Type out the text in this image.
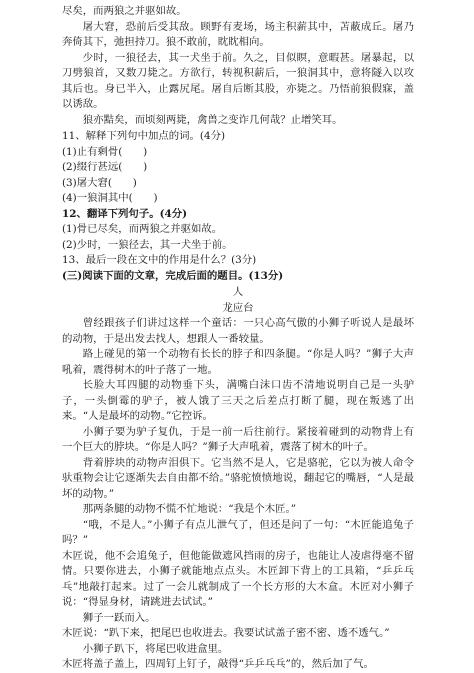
尽矣，而两狼之并驱如故。

屠大窘，恐前后受其敌。顾野有麦场，场主积薪其中，苫蔽成丘。屠乃奔倚其下，弛担持刀。狼不敢前，眈眈相向。

少时，一狼径去，其一犬坐于前。久之，目似瞑，意暇甚。屠暴起，以刀劈狼首，又数刀毙之。方欲行，转视积薪后，一狼洞其中，意将隧入以攻其后也。身已半入，止露尻尾。屠自后断其股，亦毙之。乃悟前狼假寐，盖以诱敌。

狼亦黠矣，而顷刻两毙，禽兽之变诈几何哉？止增笑耳。

11、解释下列句中加点的词。(4分)

(1)止有剩骨(　　)

(2)缀行甚远(　　)

(3)屠大窘(　　)

(4)一狼洞其中(　　)

12、翻译下列句子。(4分)

(1)骨已尽矣，而两狼之并驱如故。

(2)少时，一狼径去，其一犬坐于前。

13、最后一段在文中的作用是什么？(3分)

(三)阅读下面的文章，完成后面的题目。(13分)

人

龙应台

曾经跟孩子们讲过这样一个童话：一只心高气傲的小狮子听说人是最坏的动物，于是出发去找人，想跟人一番较量。

路上碰见的第一个动物有长长的脖子和四条腿。“你是人吗？”狮子大声吼着，震得树木的叶子落了一地。

长脸大耳四腿的动物垂下头，满嘴白沫口齿不清地说明自己是一头驴子，一头倒霉的驴子，被人饿了三天之后差点打断了腿，现在叛逃了出来。“人是最坏的动物。”它控诉。

小狮子要为驴子复仇，于是一前一后往前行。紧接着碰到的动物背上有一个巨大的脖块。“你是人吗？”狮子大声吼着，震落了树木的叶子。

背着脖块的动物声泪俱下。它当然不是人，它是骆驼，它以为被人命令驮重物会让它逐渐失去自由都不给。”骆驼愤愤地说，翻起它的嘴唇，“人是最坏的动物。”

那两条腿的动物不慌不忙地说：“我是个木匠。”

“哦，不是人。”小狮子有点儿泄气了，但还是问了一句：“木匠能追兔子吗？”

木匠说，他不会追兔子，但他能做遮风挡雨的房子，也能让人凌虐得毫不留情。只要你进去，小狮子就能地点点头。木匠卸下背上的工具箱，“乒乒乓乓”地敲打起来。过了一会儿就制成了一个长方形的大木盒。木匠对小狮子说：“得显身材，请跳进去试试。”

狮子一跃而入。

木匠说：“趴下来，把尾巴也收进去。我要试试盖子密不密、透不透气。”

小狮子趴下，将尾巴收进盒里。

木匠将盖子盖上，四周钉上钉子，敲得“乒乒乓乓”的，然后加了气。
